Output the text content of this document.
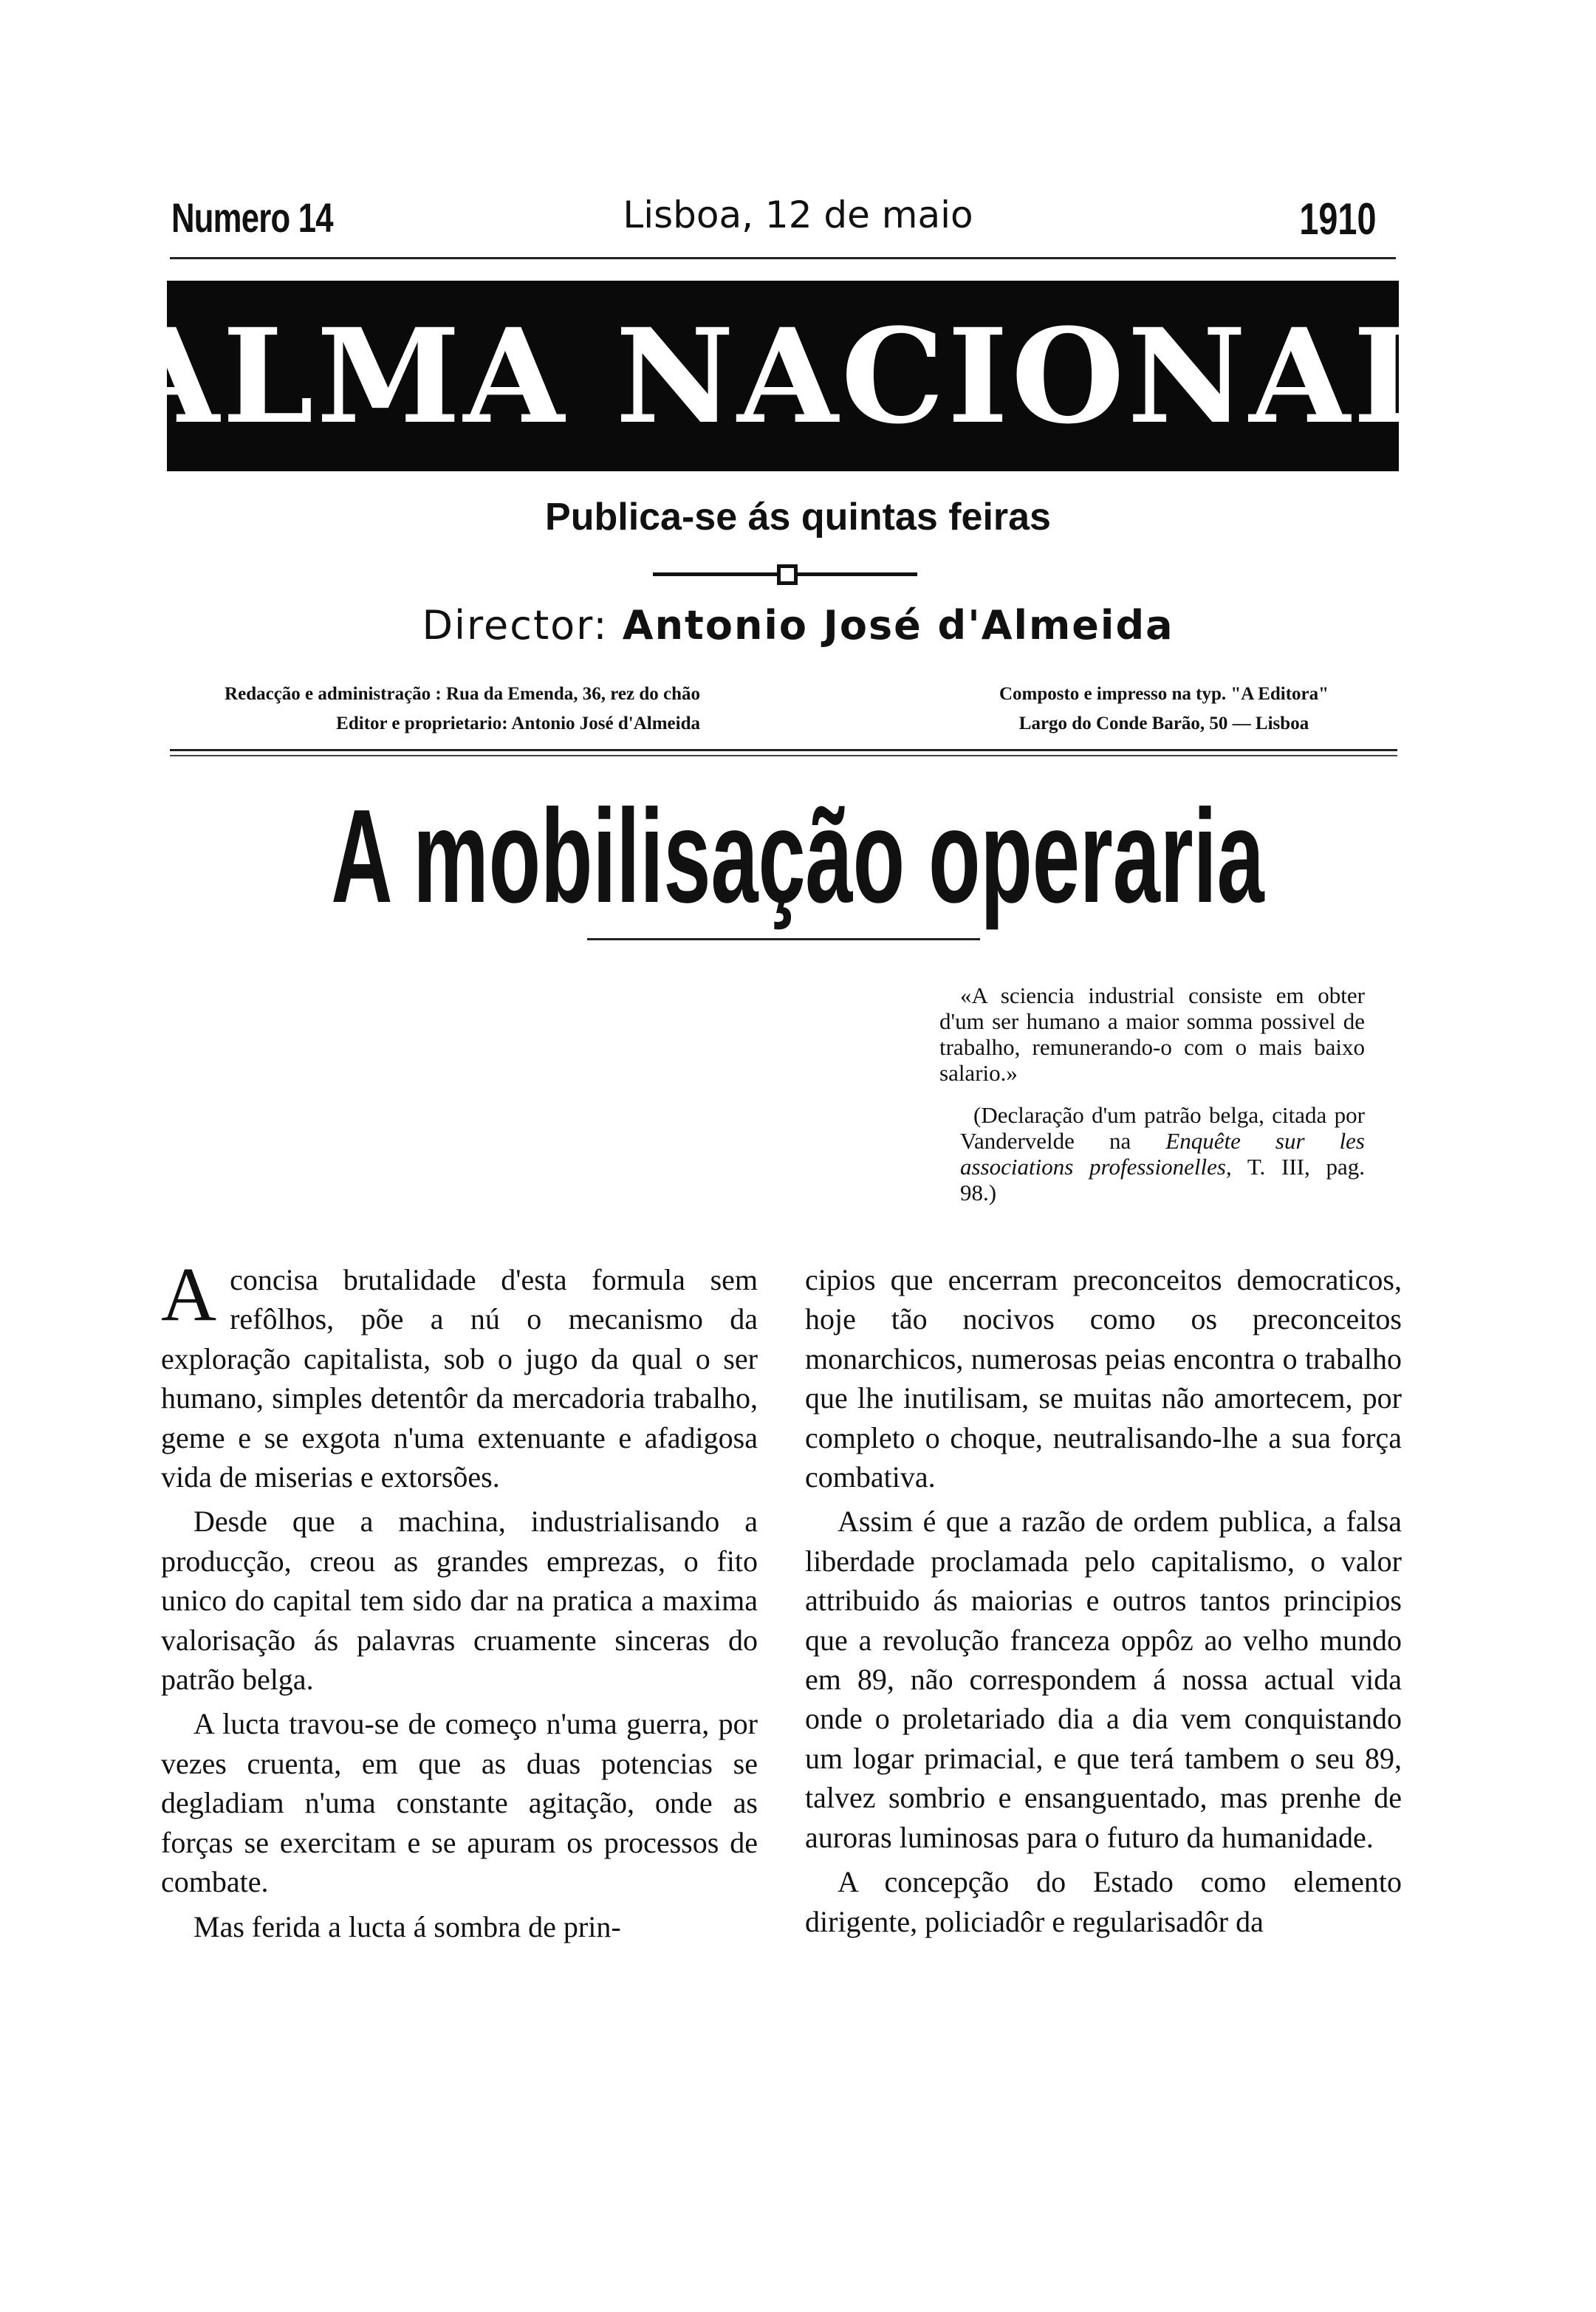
Numero 14	Lisboa, 12 de maio	1910
ALMA NACIONAL
Publica-se ás quintas feiras
Director: Antonio José d'Almeida
Redacção e administração : Rua da Emenda, 36, rez do chão
Editor e proprietario: Antonio José d'Almeida
Composto e impresso na typ. "A Editora"
Largo do Conde Barão, 50 — Lisboa
A mobilisação operaria

«A sciencia industrial consiste em obter d'um ser humano a maior somma possivel de trabalho, remunerando-o com o mais baixo salario.»

(Declaração d'um patrão belga, citada por Vandervelde na Enquête sur les associations professionelles, T. III, pag. 98.)

Aconcisa brutalidade d'esta formula sem refôlhos, põe a nú o mecanismo da exploração capitalista, sob o jugo da qual o ser humano, simples detentôr da mercadoria trabalho, geme e se exgota n'uma extenuante e afadigosa vida de miserias e extorsões.

Desde que a machina, industrialisando a producção, creou as grandes emprezas, o fito unico do capital tem sido dar na pratica a maxima valorisação ás palavras cruamente sinceras do patrão belga.

A lucta travou-se de começo n'uma guerra, por vezes cruenta, em que as duas potencias se degladiam n'uma constante agitação, onde as forças se exercitam e se apuram os processos de combate.

Mas ferida a lucta á sombra de prin-

cipios que encerram preconceitos democraticos, hoje tão nocivos como os preconceitos monarchicos, numerosas peias encontra o trabalho que lhe inutilisam, se muitas não amortecem, por completo o choque, neutralisando-lhe a sua força combativa.

Assim é que a razão de ordem publica, a falsa liberdade proclamada pelo capitalismo, o valor attribuido ás maiorias e outros tantos principios que a revolução franceza oppôz ao velho mundo em 89, não correspondem á nossa actual vida onde o proletariado dia a dia vem conquistando um logar primacial, e que terá tambem o seu 89, talvez sombrio e ensanguentado, mas prenhe de auroras luminosas para o futuro da humanidade.

A concepção do Estado como elemento dirigente, policiadôr e regularisadôr da
